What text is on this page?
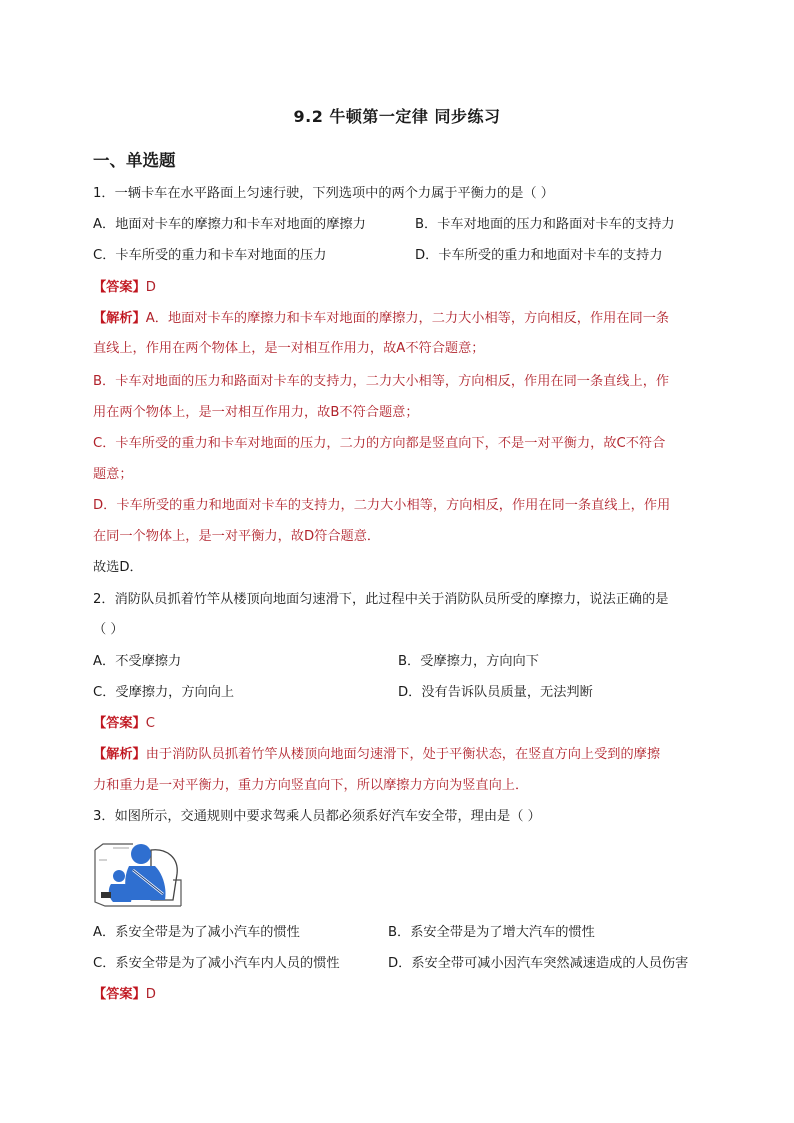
9.2 牛顿第一定律 同步练习
一、单选题
1．一辆卡车在水平路面上匀速行驶，下列选项中的两个力属于平衡力的是（ ）
A．地面对卡车的摩擦力和卡车对地面的摩擦力	B．卡车对地面的压力和路面对卡车的支持力
C．卡车所受的重力和卡车对地面的压力	D．卡车所受的重力和地面对卡车的支持力
【答案】D
【解析】A．地面对卡车的摩擦力和卡车对地面的摩擦力，二力大小相等，方向相反，作用在同一条
直线上，作用在两个物体上，是一对相互作用力，故A不符合题意；
B．卡车对地面的压力和路面对卡车的支持力，二力大小相等，方向相反，作用在同一条直线上，作
用在两个物体上，是一对相互作用力，故B不符合题意；
C．卡车所受的重力和卡车对地面的压力，二力的方向都是竖直向下，不是一对平衡力，故C不符合
题意；
D．卡车所受的重力和地面对卡车的支持力，二力大小相等，方向相反，作用在同一条直线上，作用
在同一个物体上，是一对平衡力，故D符合题意．
故选D．
2．消防队员抓着竹竿从楼顶向地面匀速滑下，此过程中关于消防队员所受的摩擦力，说法正确的是
（ ）
A．不受摩擦力	B．受摩擦力，方向向下
C．受摩擦力，方向向上	D．没有告诉队员质量，无法判断
【答案】C
【解析】由于消防队员抓着竹竿从楼顶向地面匀速滑下，处于平衡状态，在竖直方向上受到的摩擦
力和重力是一对平衡力，重力方向竖直向下，所以摩擦力方向为竖直向上．
3．如图所示，交通规则中要求驾乘人员都必须系好汽车安全带，理由是（ ）
A．系安全带是为了减小汽车的惯性	B．系安全带是为了增大汽车的惯性
C．系安全带是为了减小汽车内人员的惯性	D．系安全带可减小因汽车突然减速造成的人员伤害
【答案】D
